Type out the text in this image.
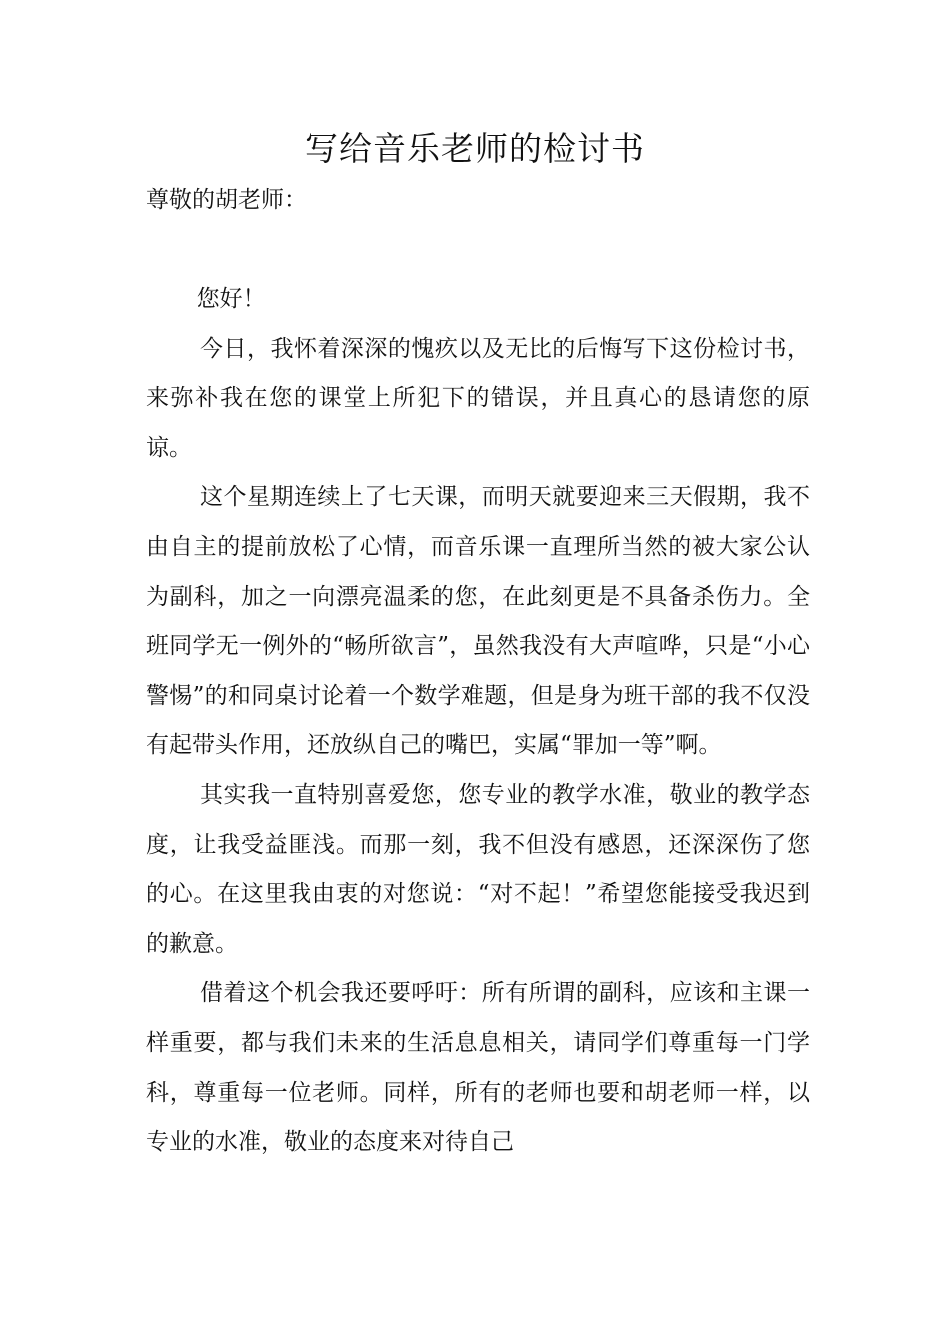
写给音乐老师的检讨书

尊敬的胡老师：

您好！

今日，我怀着深深的愧疚以及无比的后悔写下这份检讨书，来弥补我在您的课堂上所犯下的错误，并且真心的恳请您的原谅。

这个星期连续上了七天课，而明天就要迎来三天假期，我不由自主的提前放松了心情，而音乐课一直理所当然的被大家公认为副科，加之一向漂亮温柔的您，在此刻更是不具备杀伤力。全班同学无一例外的“畅所欲言”，虽然我没有大声喧哗，只是“小心警惕”的和同桌讨论着一个数学难题，但是身为班干部的我不仅没有起带头作用，还放纵自己的嘴巴，实属“罪加一等”啊。

其实我一直特别喜爱您，您专业的教学水准，敬业的教学态度，让我受益匪浅。而那一刻，我不但没有感恩，还深深伤了您的心。在这里我由衷的对您说：“对不起！”希望您能接受我迟到的歉意。

借着这个机会我还要呼吁：所有所谓的副科，应该和主课一样重要，都与我们未来的生活息息相关，请同学们尊重每一门学科，尊重每一位老师。同样，所有的老师也要和胡老师一样，以专业的水准，敬业的态度来对待自己
